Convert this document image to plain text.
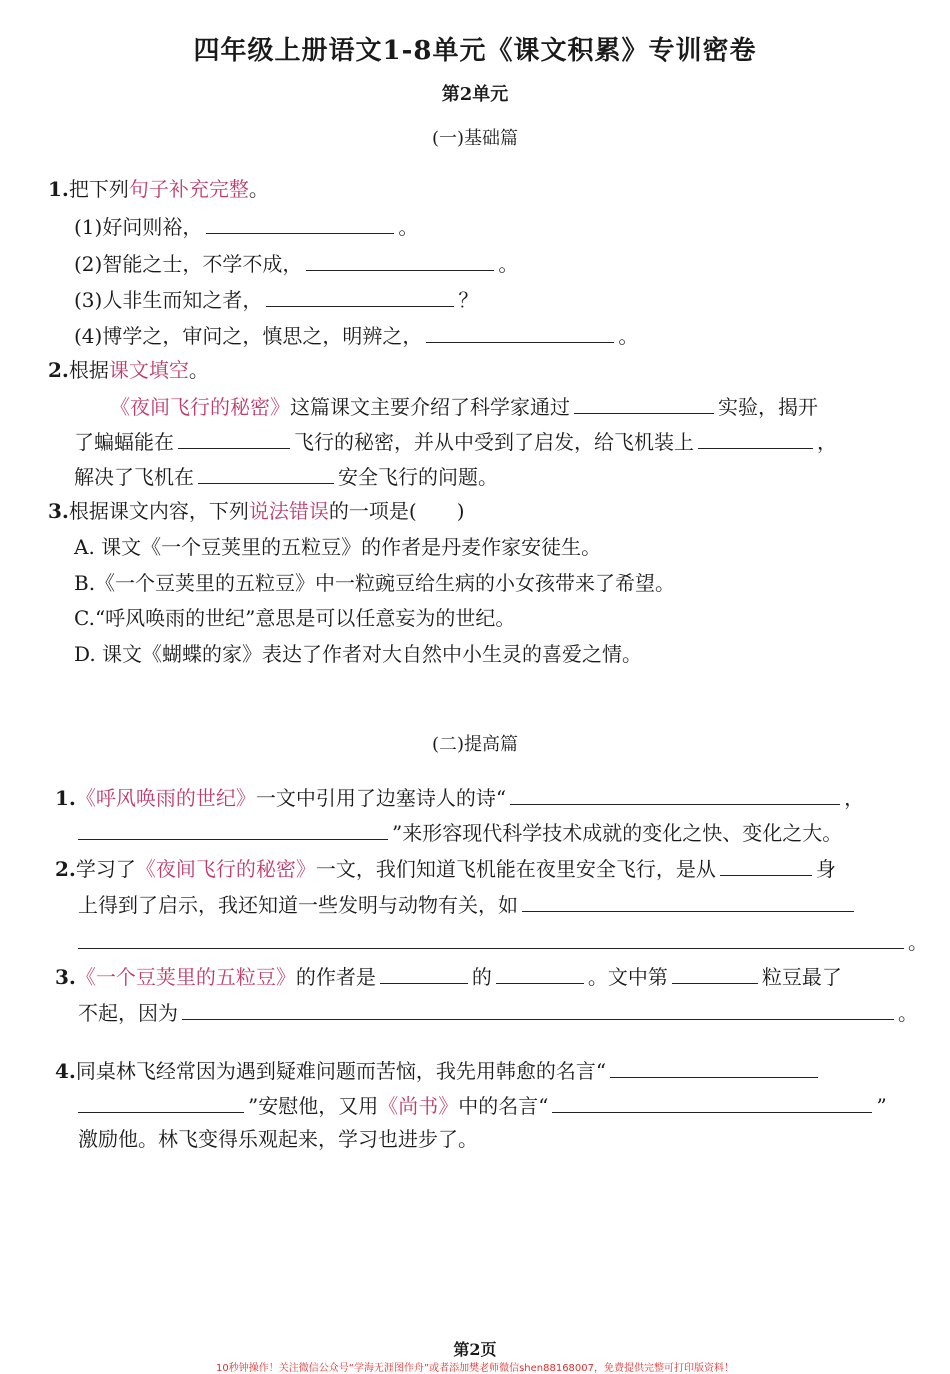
四年级上册语文1-8单元《课文积累》专训密卷
第2单元
(一)基础篇
1.把下列句子补充完整。
(1)好问则裕，	。
(2)智能之士，不学不成，	。
(3)人非生而知之者，	？
(4)博学之，审问之，慎思之，明辨之，	。
2.根据课文填空。
《夜间飞行的秘密》这篇课文主要介绍了科学家通过	实验，揭开
了蝙蝠能在	飞行的秘密，并从中受到了启发，给飞机装上	，
解决了飞机在	安全飞行的问题。
3.根据课文内容，下列说法错误的一项是(　　)
A. 课文《一个豆荚里的五粒豆》的作者是丹麦作家安徒生。
B.《一个豆荚里的五粒豆》中一粒豌豆给生病的小女孩带来了希望。
C.“呼风唤雨的世纪”意思是可以任意妄为的世纪。
D. 课文《蝴蝶的家》表达了作者对大自然中小生灵的喜爱之情。
(二)提高篇
1.《呼风唤雨的世纪》一文中引用了边塞诗人的诗“	，
”来形容现代科学技术成就的变化之快、变化之大。
2.学习了《夜间飞行的秘密》一文，我们知道飞机能在夜里安全飞行，是从	身
上得到了启示，我还知道一些发明与动物有关，如
。
3.《一个豆荚里的五粒豆》的作者是	的	。文中第	粒豆最了
不起，因为	。
4.同桌林飞经常因为遇到疑难问题而苦恼，我先用韩愈的名言“
”安慰他，又用《尚书》中的名言“	”
激励他。林飞变得乐观起来，学习也进步了。
第2页
10秒钟操作！关注微信公众号“学海无涯图作舟”或者添加樊老师微信shen88168007，免费提供完整可打印版资料！
